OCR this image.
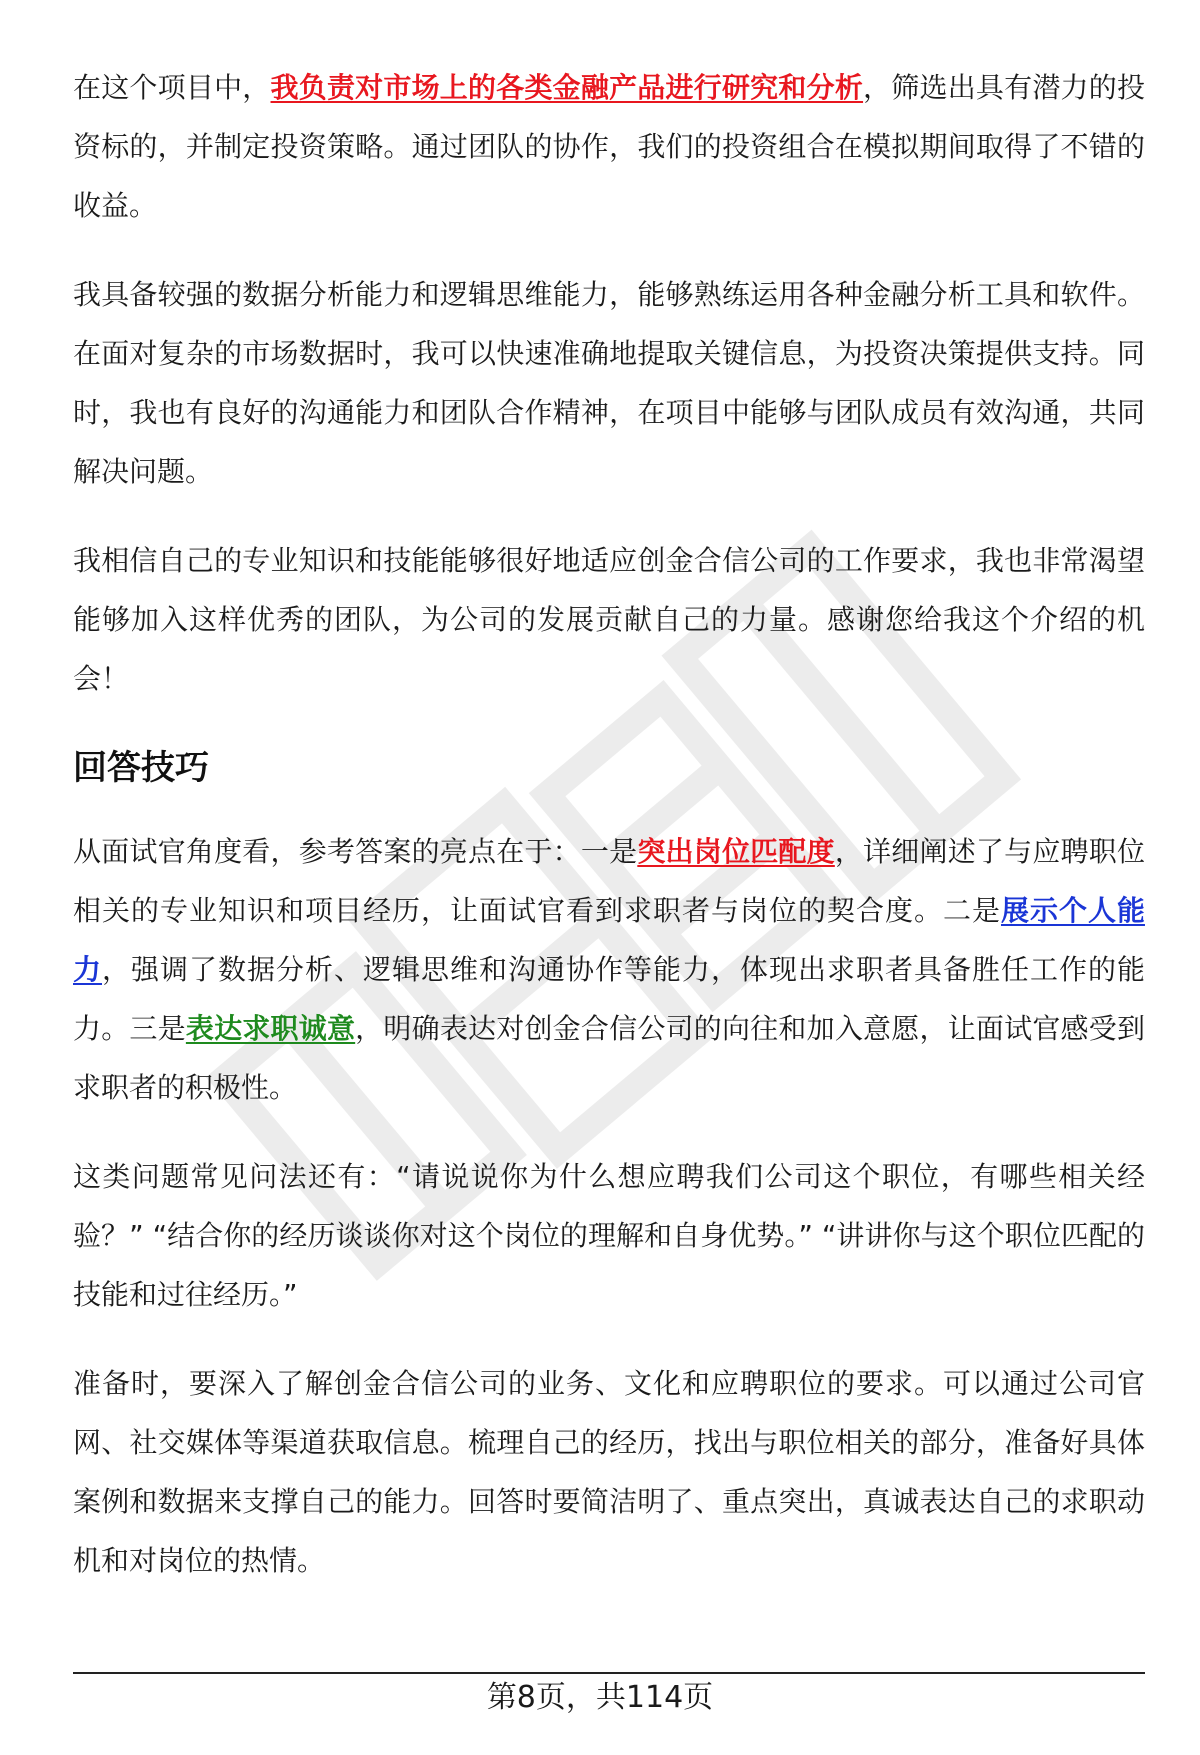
在这个项目中，我负责对市场上的各类金融产品进行研究和分析，筛选出具有潜力的投资标的，并制定投资策略。通过团队的协作，我们的投资组合在模拟期间取得了不错的收益。

我具备较强的数据分析能力和逻辑思维能力，能够熟练运用各种金融分析工具和软件。在面对复杂的市场数据时，我可以快速准确地提取关键信息，为投资决策提供支持。同时，我也有良好的沟通能力和团队合作精神，在项目中能够与团队成员有效沟通，共同解决问题。

我相信自己的专业知识和技能能够很好地适应创金合信公司的工作要求，我也非常渴望能够加入这样优秀的团队，为公司的发展贡献自己的力量。感谢您给我这个介绍的机会！

回答技巧

从面试官角度看，参考答案的亮点在于：一是突出岗位匹配度，详细阐述了与应聘职位相关的专业知识和项目经历，让面试官看到求职者与岗位的契合度。二是展示个人能力，强调了数据分析、逻辑思维和沟通协作等能力，体现出求职者具备胜任工作的能力。三是表达求职诚意，明确表达对创金合信公司的向往和加入意愿，让面试官感受到求职者的积极性。

这类问题常见问法还有：“请说说你为什么想应聘我们公司这个职位，有哪些相关经验？” “结合你的经历谈谈你对这个岗位的理解和自身优势。” “讲讲你与这个职位匹配的技能和过往经历。”

准备时，要深入了解创金合信公司的业务、文化和应聘职位的要求。可以通过公司官网、社交媒体等渠道获取信息。梳理自己的经历，找出与职位相关的部分，准备好具体案例和数据来支撑自己的能力。回答时要简洁明了、重点突出，真诚表达自己的求职动机和对岗位的热情。

第8页，共114页
